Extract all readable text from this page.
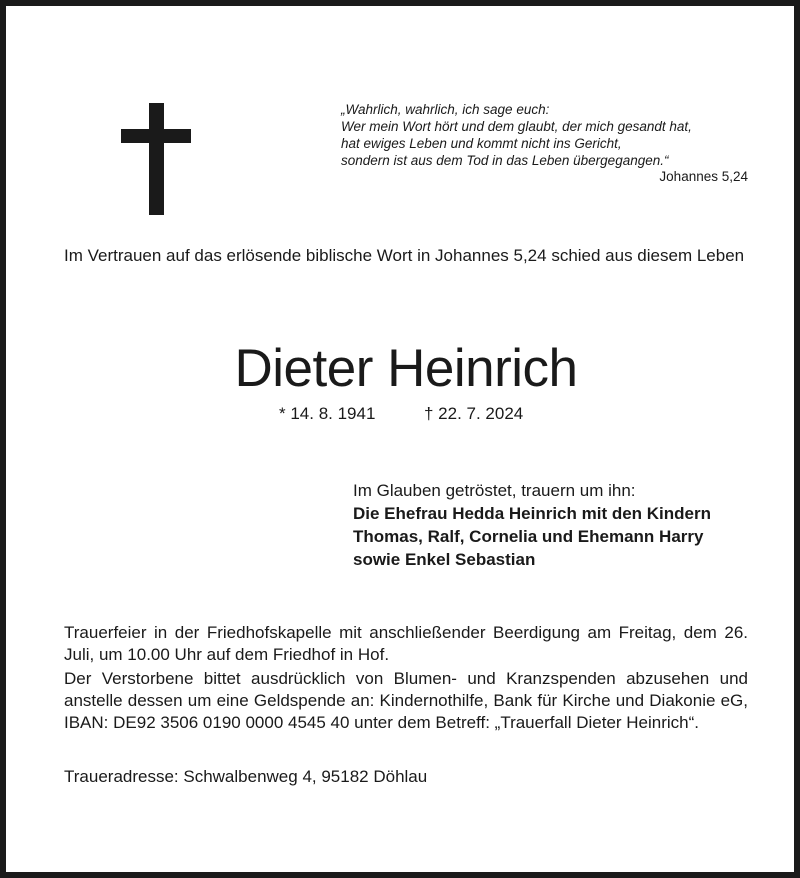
„Wahrlich, wahrlich, ich sage euch:
Wer mein Wort hört und dem glaubt, der mich gesandt hat,
hat ewiges Leben und kommt nicht ins Gericht,
sondern ist aus dem Tod in das Leben übergegangen.“
Johannes 5,24
Im Vertrauen auf das erlösende biblische Wort in Johannes 5,24 schied aus diesem Leben
Dieter Heinrich
* 14. 8. 1941	† 22. 7. 2024
Im Glauben getröstet, trauern um ihn:
Die Ehefrau Hedda Heinrich mit den Kindern
Thomas, Ralf, Cornelia und Ehemann Harry
sowie Enkel Sebastian
Trauerfeier in der Friedhofskapelle mit anschließender Beerdigung am Freitag, dem 26. Juli, um 10.00 Uhr auf dem Friedhof in Hof.
Der Verstorbene bittet ausdrücklich von Blumen- und Kranzspenden abzusehen und anstelle dessen um eine Geldspende an: Kindernothilfe, Bank für Kirche und Diakonie eG, IBAN: DE92 3506 0190 0000 4545 40 unter dem Betreff: „Trauerfall Dieter Heinrich“.
Traueradresse: Schwalbenweg 4, 95182 Döhlau
